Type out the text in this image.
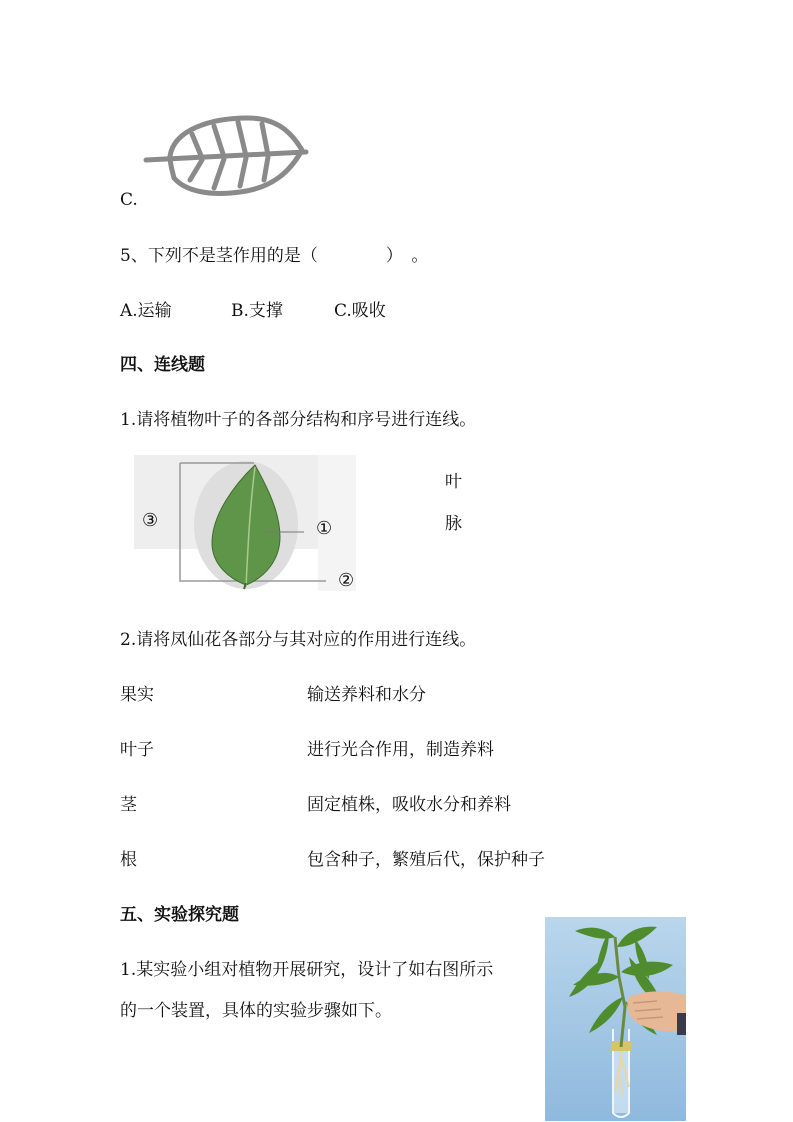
C.
5、下列不是茎作用的是（　　　　）　。
A.运输	B.支撑	C.吸收
四、连线题
1.请将植物叶子的各部分结构和序号进行连线。
③	①
②
叶
脉
2.请将凤仙花各部分与其对应的作用进行连线。
果实	输送养料和水分
叶子	进行光合作用，制造养料
茎	固定植株，吸收水分和养料
根	包含种子，繁殖后代，保护种子
五、实验探究题
1.某实验小组对植物开展研究，设计了如右图所示
的一个装置，具体的实验步骤如下。
